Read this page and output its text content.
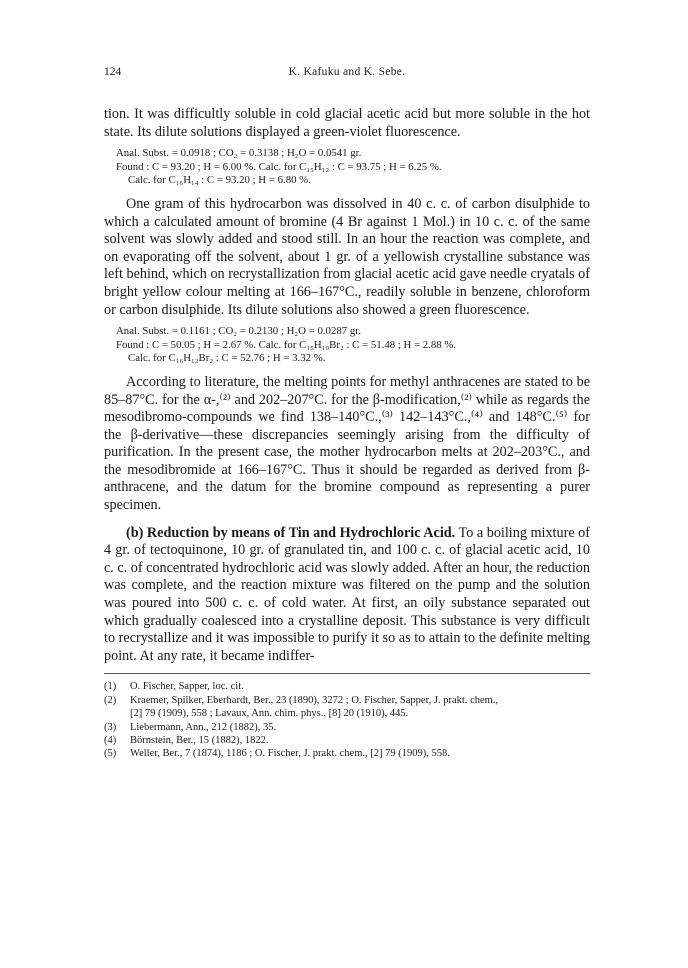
124	K. Kafuku and K. Sebe.

tion. It was difficultly soluble in cold glacial acetic acid but more soluble in the hot state. Its dilute solutions displayed a green-violet fluorescence.

Anal. Subst. = 0.0918 ; CO₂ = 0.3138 ; H₂O = 0.0541 gr.
Found : C = 93.20 ; H = 6.00 %. Calc. for C₁₅H₁₂ : C = 93.75 ; H = 6.25 %.
Calc. for C₁₆H₁₄ : C = 93.20 ; H = 6.80 %.

One gram of this hydrocarbon was dissolved in 40 c. c. of carbon disulphide to which a calculated amount of bromine (4 Br against 1 Mol.) in 10 c. c. of the same solvent was slowly added and stood still. In an hour the reaction was complete, and on evaporating off the solvent, about 1 gr. of a yellowish crystalline substance was left behind, which on recrystallization from glacial acetic acid gave needle cryatals of bright yellow colour melting at 166–167°C., readily soluble in benzene, chloroform or carbon disulphide. Its dilute solutions also showed a green fluorescence.

Anal. Subst. = 0.1161 ; CO₂ = 0.2130 ; H₂O = 0.0287 gr.
Found : C = 50.05 ; H = 2.67 %. Calc. for C₁₅H₁₀Br₂ : C = 51.48 ; H = 2.88 %.
Calc. for C₁₆H₁₂Br₂ : C = 52.76 ; H = 3.32 %.

According to literature, the melting points for methyl anthracenes are stated to be 85–87°C. for the α-,⁽²⁾ and 202–207°C. for the β-modification,⁽²⁾ while as regards the mesodibromo-compounds we find 138–140°C.,⁽³⁾ 142–143°C.,⁽⁴⁾ and 148°C.⁽⁵⁾ for the β-derivative—these discrepancies seemingly arising from the difficulty of purification. In the present case, the mother hydrocarbon melts at 202–203°C., and the mesodibromide at 166–167°C. Thus it should be regarded as derived from β-anthracene, and the datum for the bromine compound as representing a purer specimen.

(b) Reduction by means of Tin and Hydrochloric Acid. To a boiling mixture of 4 gr. of tectoquinone, 10 gr. of granulated tin, and 100 c. c. of glacial acetic acid, 10 c. c. of concentrated hydrochloric acid was slowly added. After an hour, the reduction was complete, and the reaction mixture was filtered on the pump and the solution was poured into 500 c. c. of cold water. At first, an oily substance separated out which gradually coalesced into a crystalline deposit. This substance is very difficult to recrystallize and it was impossible to purify it so as to attain to the definite melting point. At any rate, it became indiffer-

(1)	O. Fischer, Sapper, loc. cit.
(2)	Kraemer, Spilker, Eberhardt, Ber., 23 (1890), 3272 ; O. Fischer, Sapper, J. prakt. chem.,
[2] 79 (1909), 558 ; Lavaux, Ann. chim. phys., [8] 20 (1910), 445.
(3)	Liebermann, Ann., 212 (1882), 35.
(4)	Börnstein, Ber., 15 (1882), 1822.
(5)	Weller, Ber., 7 (1874), 1186 ; O. Fischer, J. prakt. chem., [2] 79 (1909), 558.
